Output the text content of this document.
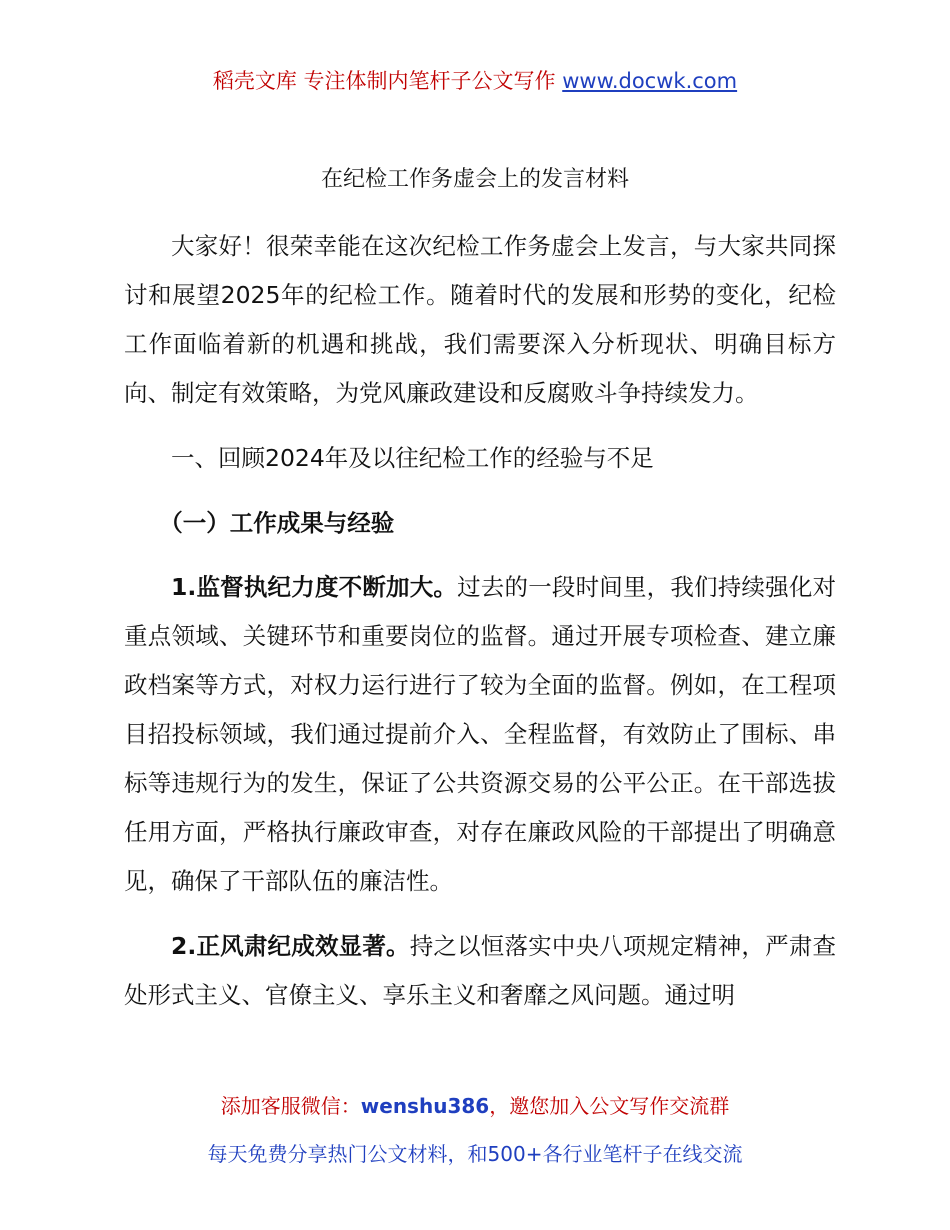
稻壳文库 专注体制内笔杆子公文写作 www.docwk.com
在纪检工作务虚会上的发言材料

大家好！很荣幸能在这次纪检工作务虚会上发言，与大家共同探讨和展望2025年的纪检工作。随着时代的发展和形势的变化，纪检工作面临着新的机遇和挑战，我们需要深入分析现状、明确目标方向、制定有效策略，为党风廉政建设和反腐败斗争持续发力。

一、回顾2024年及以往纪检工作的经验与不足

（一）工作成果与经验

1.监督执纪力度不断加大。过去的一段时间里，我们持续强化对重点领域、关键环节和重要岗位的监督。通过开展专项检查、建立廉政档案等方式，对权力运行进行了较为全面的监督。例如，在工程项目招投标领域，我们通过提前介入、全程监督，有效防止了围标、串标等违规行为的发生，保证了公共资源交易的公平公正。在干部选拔任用方面，严格执行廉政审查，对存在廉政风险的干部提出了明确意见，确保了干部队伍的廉洁性。

2.正风肃纪成效显著。持之以恒落实中央八项规定精神，严肃查处形式主义、官僚主义、享乐主义和奢靡之风问题。通过明

添加客服微信：wenshu386，邀您加入公文写作交流群
每天免费分享热门公文材料，和500+各行业笔杆子在线交流
